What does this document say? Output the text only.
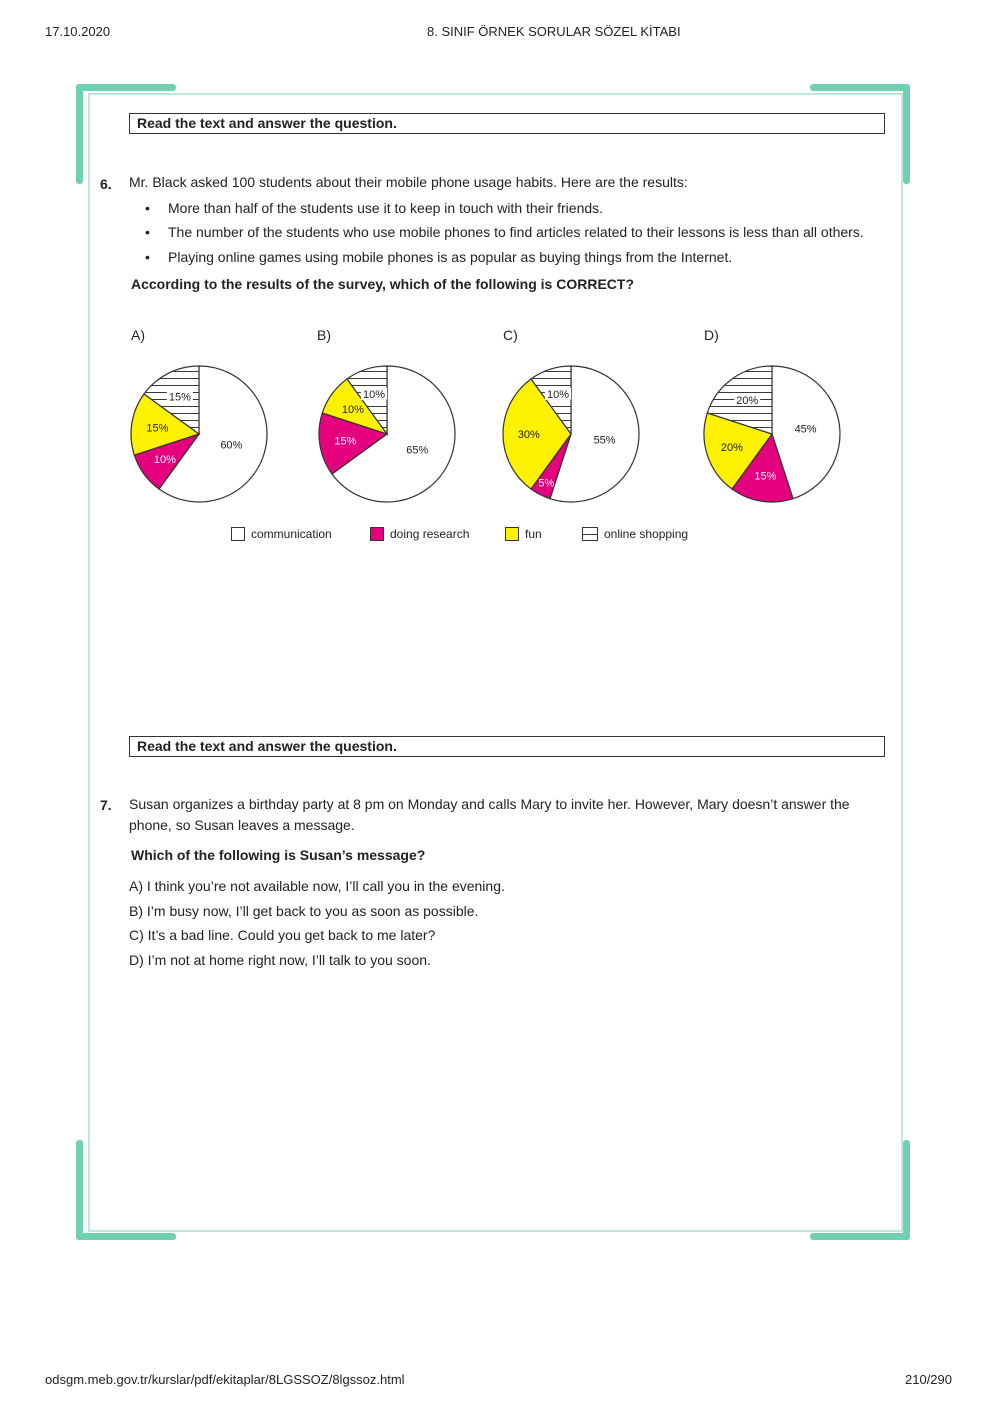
17.10.2020	8. SINIF ÖRNEK SORULAR SÖZEL KİTABI
Read the text and answer the question.
6. Mr. Black asked 100 students about their mobile phone usage habits. Here are the results:
• More than half of the students use it to keep in touch with their friends.
• The number of the students who use mobile phones to find articles related to their lessons is less than all others.
• Playing online games using mobile phones is as popular as buying things from the Internet.
According to the results of the survey, which of the following is CORRECT?
A)	B)	C)	D)
60%
10%
15%
15%
65%
15%
10%
10%
55%
5%
30%
10%
45%
15%
20%
20%
communication	doing research	fun	online shopping
Read the text and answer the question.
7. Susan organizes a birthday party at 8 pm on Monday and calls Mary to invite her. However, Mary doesn’t answer the
phone, so Susan leaves a message.
Which of the following is Susan’s message?
A) I think you’re not available now, I’ll call you in the evening.
B) I’m busy now, I’ll get back to you as soon as possible.
C) It’s a bad line. Could you get back to me later?
D) I’m not at home right now, I’ll talk to you soon.
odsgm.meb.gov.tr/kurslar/pdf/ekitaplar/8LGSSOZ/8lgssoz.html	210/290
